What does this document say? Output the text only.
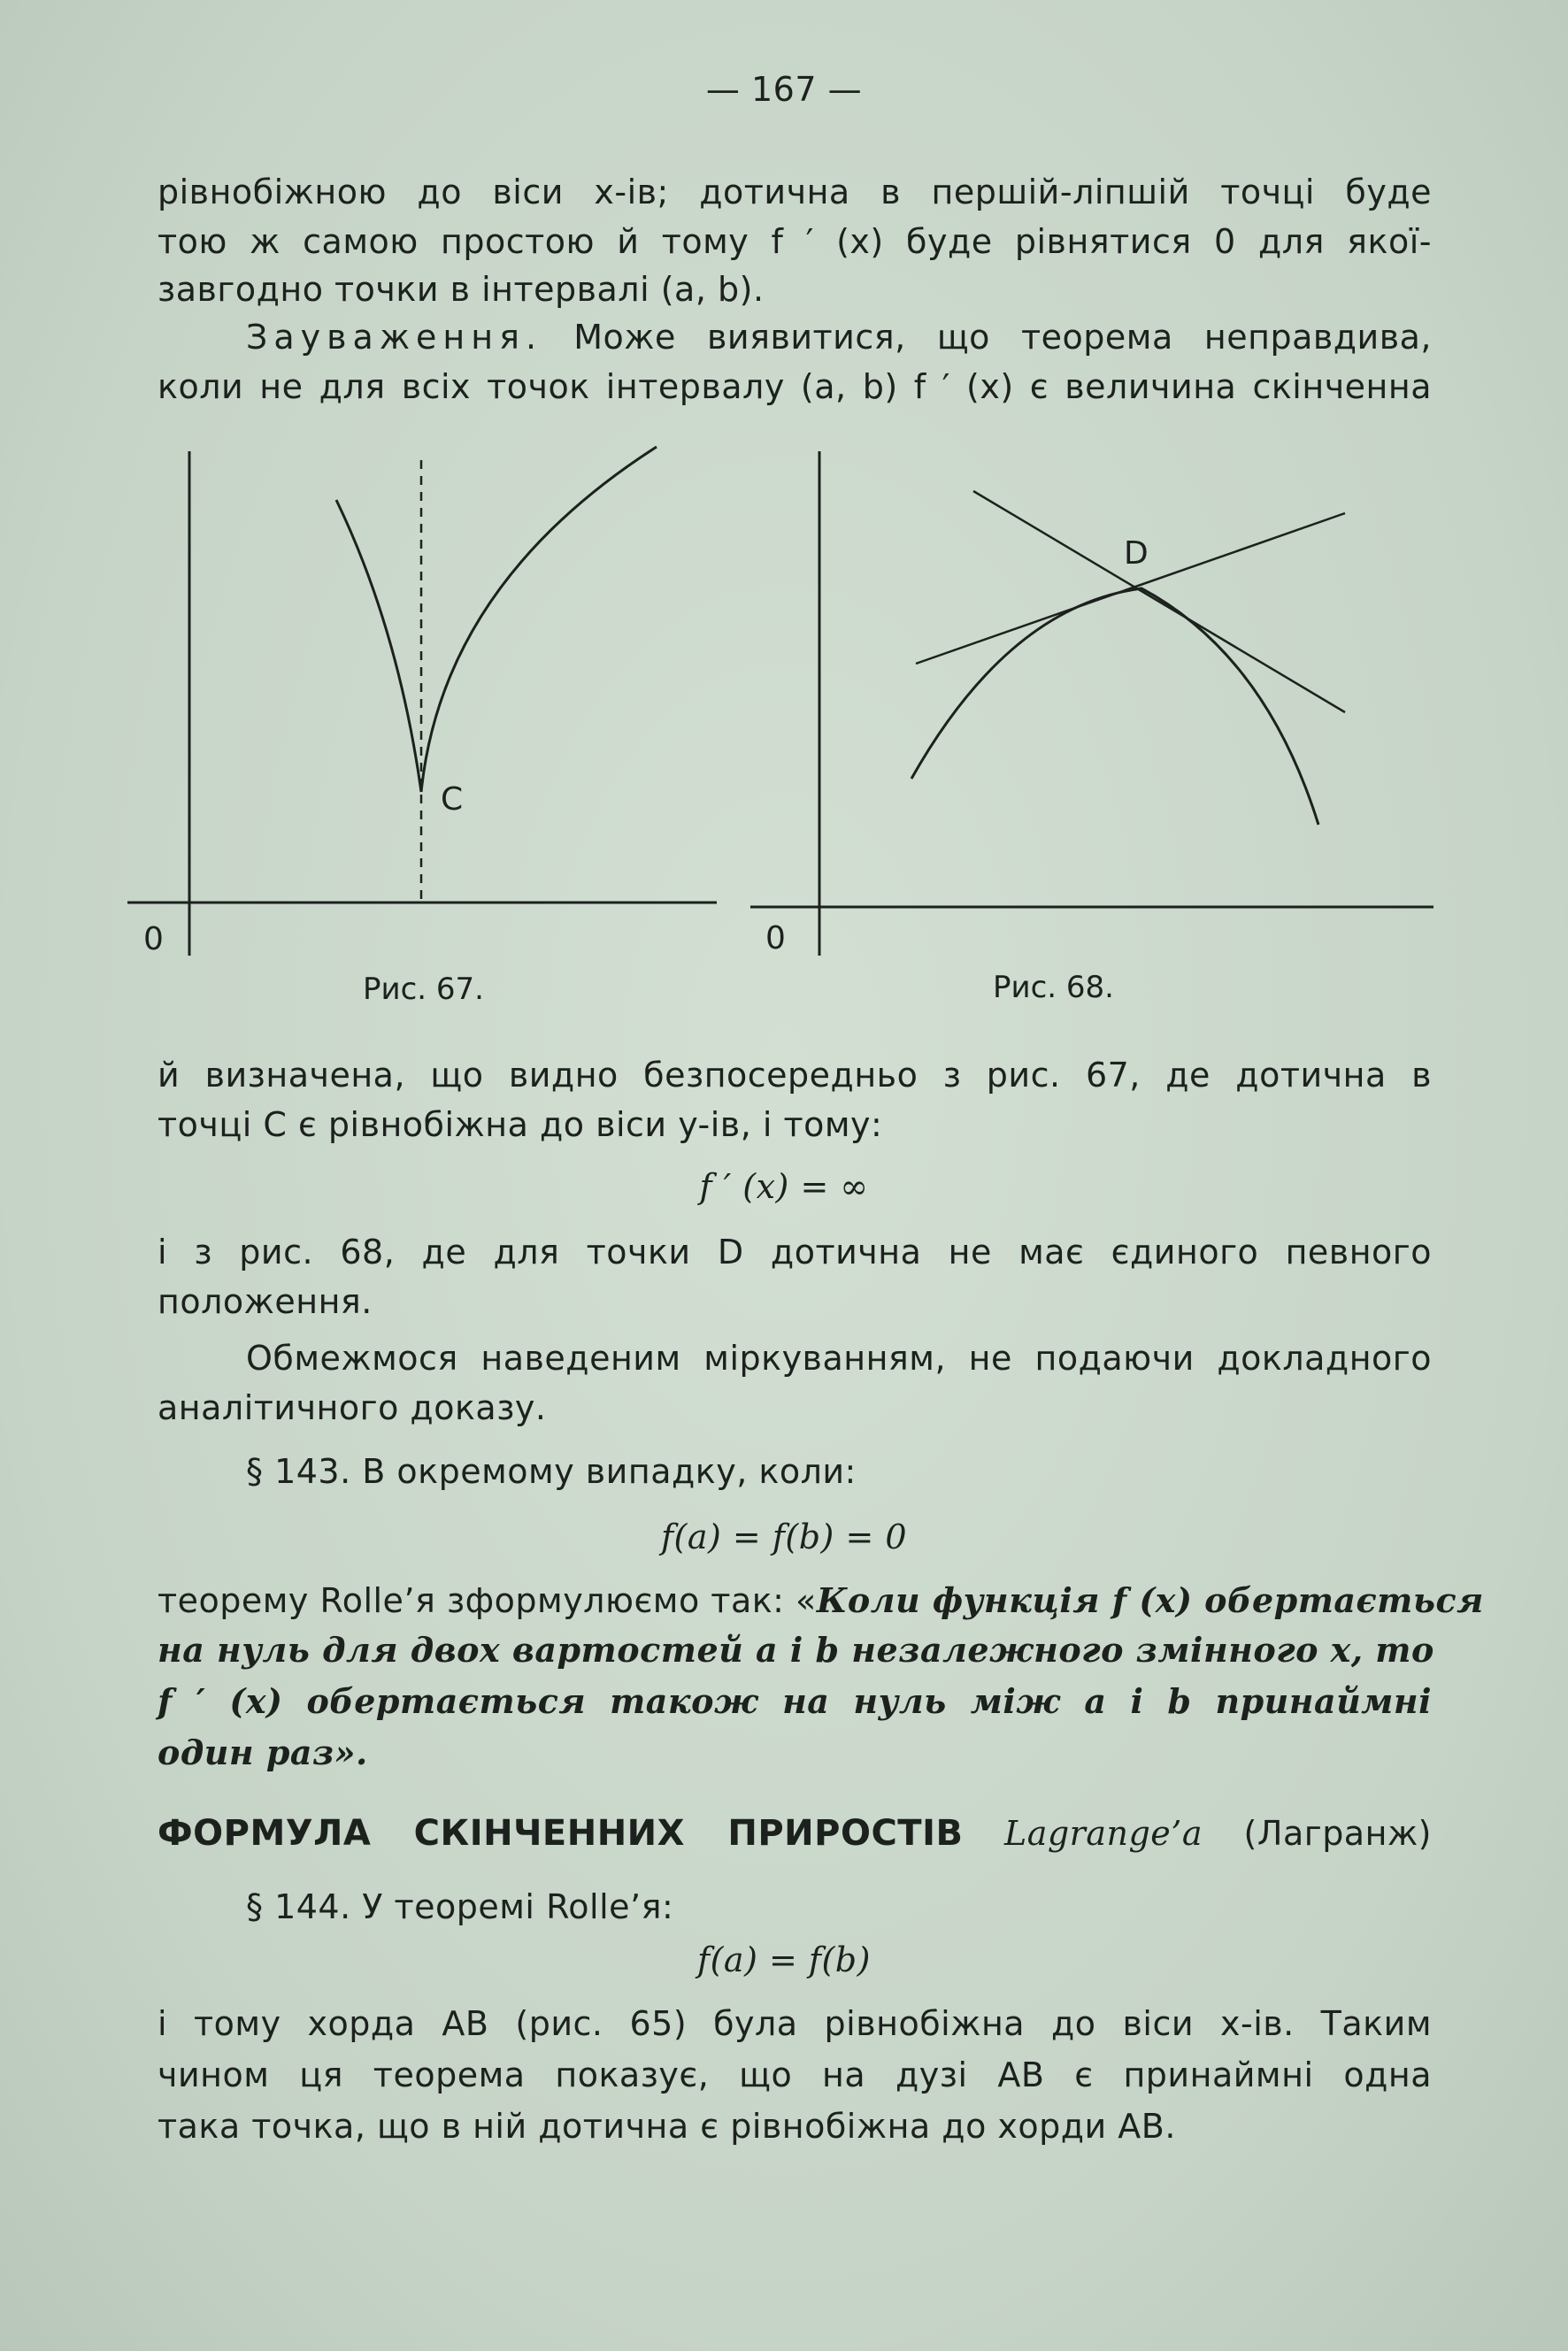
— 167 —
рівнобіжною до віси x-ів; дотична в першій-ліпшій точці буде
тою ж самою простою й тому f ′ (x) буде рівнятися 0 для якої-
завгодно точки в інтервалі (a, b).
Зауваження. Може виявитися, що теорема неправдива,
коли не для всіх точок інтервалу (a, b) f ′ (x) є величина скінченна
0
C
Рис. 67.
D
0
Рис. 68.
й визначена, що видно безпосередньо з рис. 67, де дотична в
точці C є рівнобіжна до віси y-ів, і тому:
f ′ (x) = ∞
і з рис. 68, де для точки D дотична не має єдиного певного
положення.
Обмежмося наведеним міркуванням, не подаючи докладного
аналітичного доказу.
§ 143. В окремому випадку, коли:
f(a) = f(b) = 0
теорему Rolle’я зформулюємо так: «Коли функція f (x) обертається
на нуль для двох вартостей a і b незалежного змінного x, то
f ′ (x) обертається також на нуль між a і b принаймні
один раз».
ФОРМУЛА СКІНЧЕННИХ ПРИРОСТІВ Lagrange’a (Лагранж)
§ 144. У теоремі Rolle’я:
f(a) = f(b)
і тому хорда AB (рис. 65) була рівнобіжна до віси x-ів. Таким
чином ця теорема показує, що на дузі AB є принаймні одна
така точка, що в ній дотична є рівнобіжна до хорди AB.
